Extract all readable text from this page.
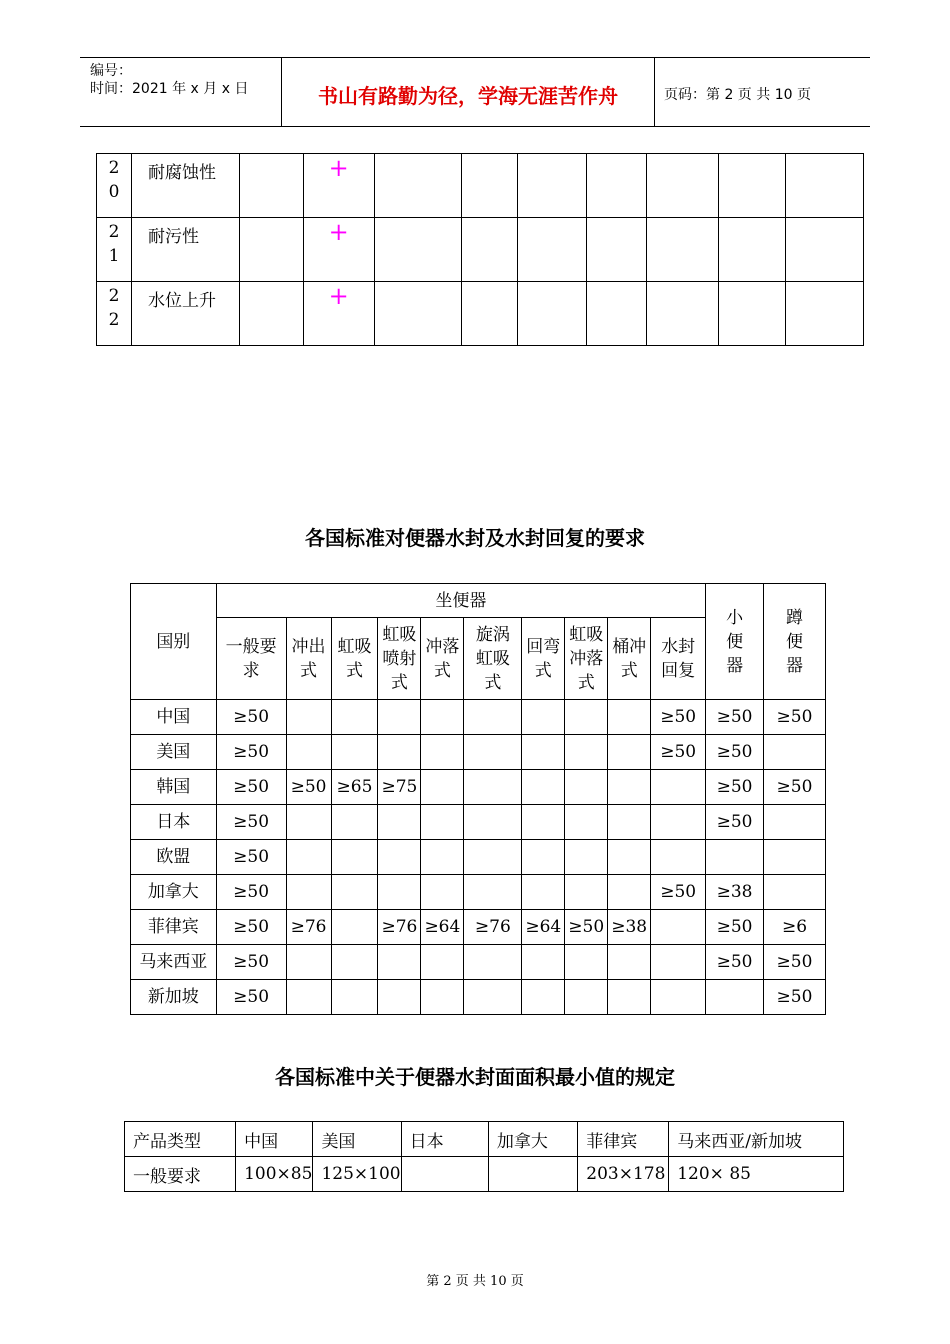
编号：
时间：2021 年 x 月 x 日	书山有路勤为径，学海无涯苦作舟	页码：第 2 页 共 10 页
2
0	耐腐蚀性		+							

2
1	耐污性		+							

2
2	水位上升		+							
各国标准对便器水封及水封回复的要求
国别	坐便器										小便器	蹲便器
	一般要求	冲出式	虹吸式	虹吸喷射式	冲落式	旋涡虹吸式	回弯式	虹吸冲落式	桶冲式	水封回复		
中国	≥50									≥50	≥50	≥50
美国	≥50									≥50	≥50	
韩国	≥50	≥50	≥65	≥75							≥50	≥50
日本	≥50										≥50	
欧盟	≥50											
加拿大	≥50									≥50	≥38	
菲律宾	≥50	≥76		≥76	≥64	≥76	≥64	≥50	≥38		≥50	≥6
马来西亚	≥50										≥50	≥50
新加坡	≥50											≥50
各国标准中关于便器水封面面积最小值的规定
产品类型	中国	美国	日本	加拿大	菲律宾	马来西亚/新加坡
一般要求	100×85	125×100			203×178	120× 85
第 2 页 共 10 页
